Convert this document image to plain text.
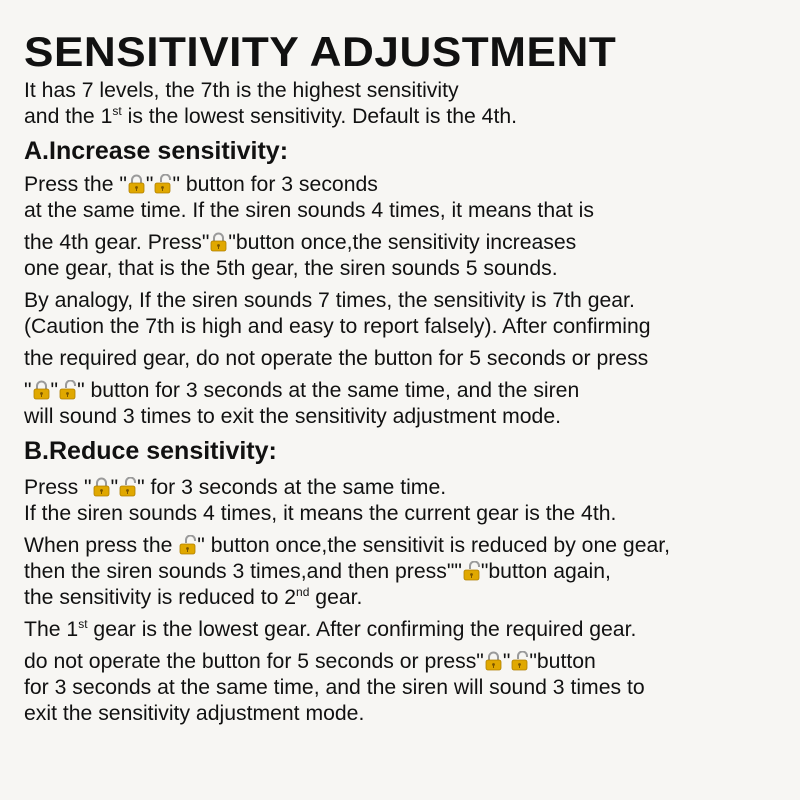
SENSITIVITY ADJUSTMENT
It has 7 levels, the 7th is the highest sensitivity
and the 1st is the lowest sensitivity. Default is the 4th.
A.Increase sensitivity:
Press the " " " button for 3 seconds
at the same time. If the siren sounds 4 times, it means that is
the 4th gear. Press" "button once,the sensitivity increases
one gear, that is the 5th gear, the siren sounds 5 sounds.
By analogy, If the siren sounds 7 times, the sensitivity is 7th gear.
(Caution the 7th is high and easy to report falsely). After confirming
the required gear, do not operate the button for 5 seconds or press
" " " button for 3 seconds at the same time, and the siren
will sound 3 times to exit the sensitivity adjustment mode.
B.Reduce sensitivity:
Press " " " for 3 seconds at the same time.
If the siren sounds 4 times, it means the current gear is the 4th.
When press the " button once,the sensitivit is reduced by one gear,
then the siren sounds 3 times,and then press"" "button again,
the sensitivity is reduced to 2nd gear.
The 1st gear is the lowest gear. After confirming the required gear.
do not operate the button for 5 seconds or press" " "button
for 3 seconds at the same time, and the siren will sound 3 times to
exit the sensitivity adjustment mode.
